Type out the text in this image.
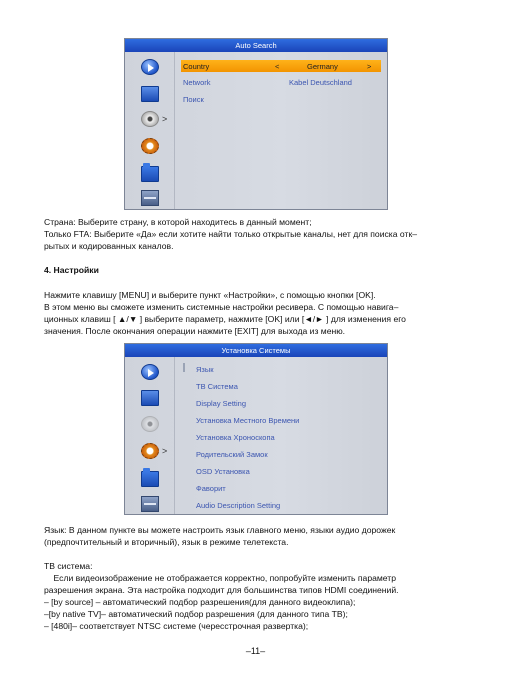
Auto Search
>
Country	<	Germany	>
Network	Kabel Deutschland
Поиск
Страна: Выберите страну, в которой находитесь в данный момент;
Только FTA: Выберите «Да» если хотите найти только открытые каналы, нет для поиска отк–
рытых и кодированных каналов.
4. Настройки
Нажмите клавишу [MENU] и выберите пункт «Настройки», с помощью кнопки [OK].
В этом меню вы сможете изменить системные настройки ресивера. С помощью навига–
ционных клавиш [ ▲/▼ ] выберите параметр, нажмите [OK] или [◄/► ] для изменения его
значения. После окончания операции нажмите [EXIT] для выхода из меню.
Установка Системы
>
Язык
ТВ Система
Display Setting
Установка Местного Времени
Установка Хроноскопа
Родительский Замок
OSD Установка
Фаворит
Audio Description Setting
Язык: В данном пункте вы можете настроить язык главного меню, языки аудио дорожек
(предпочтительный и вторичный), язык в режиме телетекста.
ТВ система:
Если видеоизображение не отображается корректно, попробуйте изменить параметр
разрешения экрана. Эта настройка подходит для большинства типов HDMI соединений.
– [by source] – автоматический подбор разрешения(для данного видеоклипа);
–[by native TV]– автоматический подбор разрешения (для данного типа ТВ);
– [480i]– соответствует NTSC системе (чересстрочная развертка);
–11–
